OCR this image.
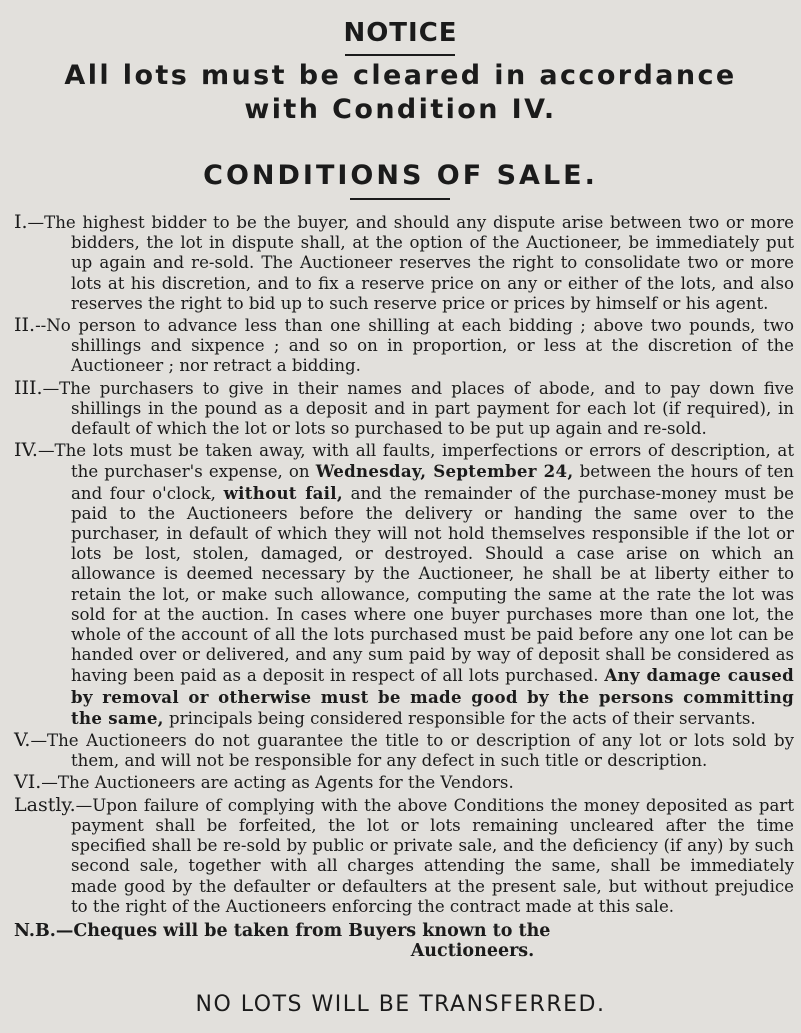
NOTICE
All lots must be cleared in accordance
with Condition IV.
CONDITIONS OF SALE.

I.—The highest bidder to be the buyer, and should any dispute arise between two or more bidders, the lot in dispute shall, at the option of the Auctioneer, be immediately put up again and re-sold. The Auctioneer reserves the right to consolidate two or more lots at his discretion, and to fix a reserve price on any or either of the lots, and also reserves the right to bid up to such reserve price or prices by himself or his agent.

II.--No person to advance less than one shilling at each bidding ; above two pounds, two shillings and sixpence ; and so on in proportion, or less at the discretion of the Auctioneer ; nor retract a bidding.

III.—The purchasers to give in their names and places of abode, and to pay down five shillings in the pound as a deposit and in part payment for each lot (if required), in default of which the lot or lots so purchased to be put up again and re-sold.

IV.—The lots must be taken away, with all faults, imperfections or errors of description, at the purchaser's expense, on Wednesday, September 24, between the hours of ten and four o'clock, without fail, and the remainder of the purchase-money must be paid to the Auctioneers before the delivery or handing the same over to the purchaser, in default of which they will not hold themselves responsible if the lot or lots be lost, stolen, damaged, or destroyed. Should a case arise on which an allowance is deemed necessary by the Auctioneer, he shall be at liberty either to retain the lot, or make such allowance, computing the same at the rate the lot was sold for at the auction. In cases where one buyer purchases more than one lot, the whole of the account of all the lots purchased must be paid before any one lot can be handed over or delivered, and any sum paid by way of deposit shall be considered as having been paid as a deposit in respect of all lots purchased. Any damage caused by removal or otherwise must be made good by the persons committing the same, principals being considered responsible for the acts of their servants.

V.—The Auctioneers do not guarantee the title to or description of any lot or lots sold by them, and will not be responsible for any defect in such title or description.

VI.—The Auctioneers are acting as Agents for the Vendors.

Lastly.—Upon failure of complying with the above Conditions the money deposited as part payment shall be forfeited, the lot or lots remaining uncleared after the time specified shall be re-sold by public or private sale, and the deficiency (if any) by such second sale, together with all charges attending the same, shall be immediately made good by the defaulter or defaulters at the present sale, but without prejudice to the right of the Auctioneers enforcing the contract made at this sale.

N.B.—Cheques will be taken from Buyers known to the
Auctioneers.

NO LOTS WILL BE TRANSFERRED.
